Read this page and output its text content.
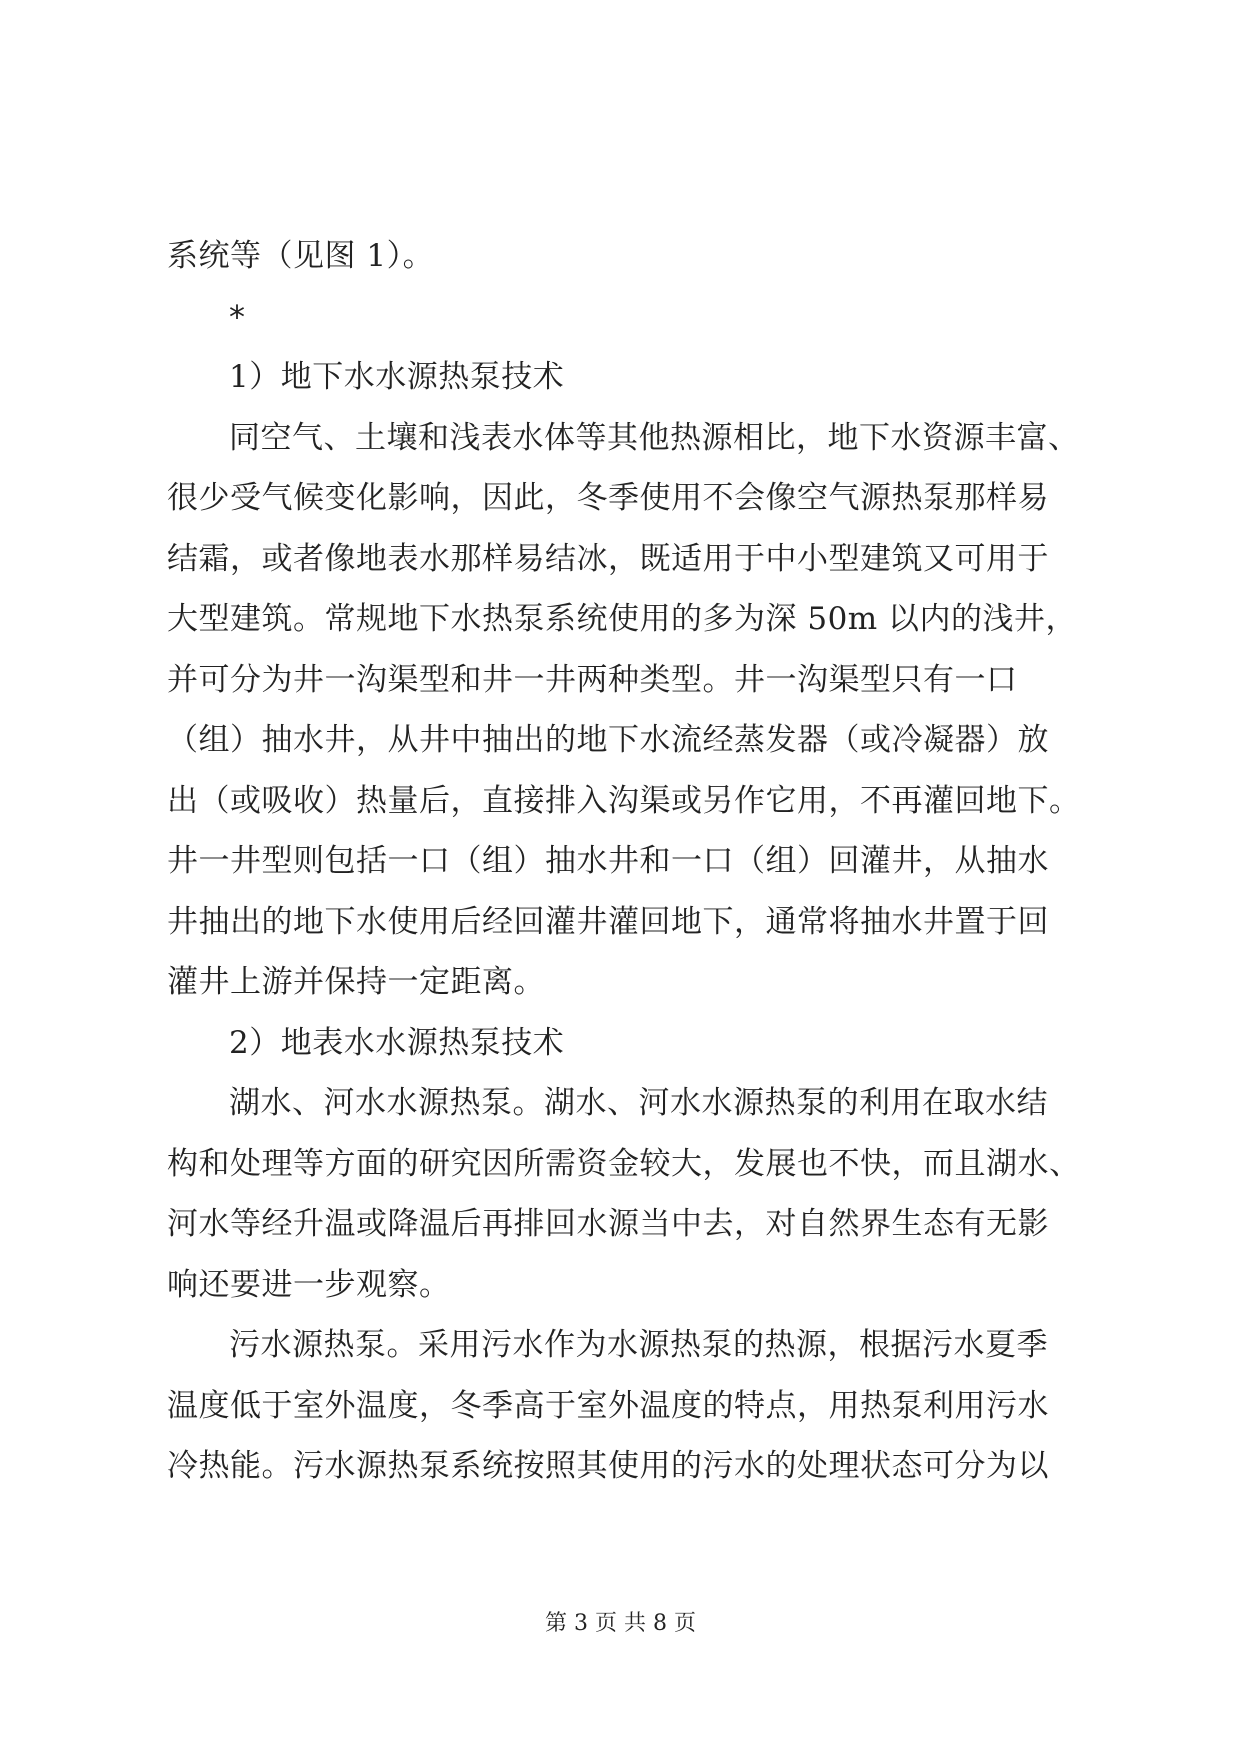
系统等（见图 1）。
*
1）地下水水源热泵技术
同空气、土壤和浅表水体等其他热源相比，地下水资源丰富、
很少受气候变化影响，因此，冬季使用不会像空气源热泵那样易
结霜，或者像地表水那样易结冰，既适用于中小型建筑又可用于
大型建筑。常规地下水热泵系统使用的多为深 50m 以内的浅井，
并可分为井一沟渠型和井一井两种类型。井一沟渠型只有一口
（组）抽水井，从井中抽出的地下水流经蒸发器（或冷凝器）放
出（或吸收）热量后，直接排入沟渠或另作它用，不再灌回地下。
井一井型则包括一口（组）抽水井和一口（组）回灌井，从抽水
井抽出的地下水使用后经回灌井灌回地下，通常将抽水井置于回
灌井上游并保持一定距离。
2）地表水水源热泵技术
湖水、河水水源热泵。湖水、河水水源热泵的利用在取水结
构和处理等方面的研究因所需资金较大，发展也不快，而且湖水、
河水等经升温或降温后再排回水源当中去，对自然界生态有无影
响还要进一步观察。
污水源热泵。采用污水作为水源热泵的热源，根据污水夏季
温度低于室外温度，冬季高于室外温度的特点，用热泵利用污水
冷热能。污水源热泵系统按照其使用的污水的处理状态可分为以
第 3 页 共 8 页
